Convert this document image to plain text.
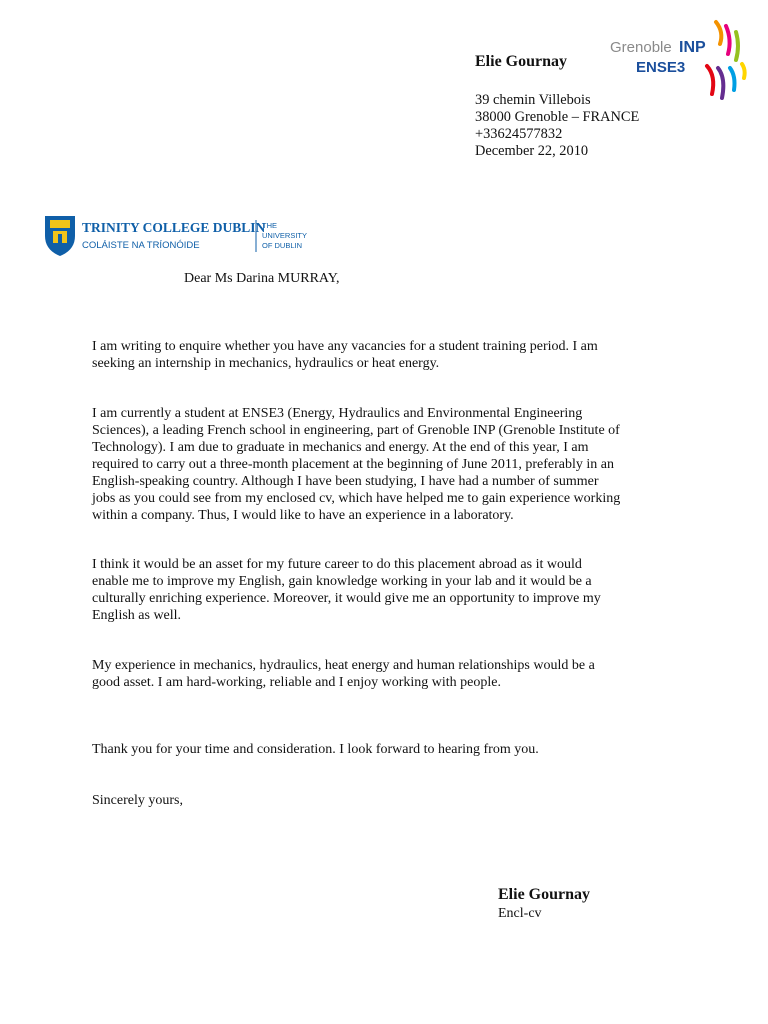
Elie Gournay
39 chemin Villebois
38000 Grenoble – FRANCE
+33624577832
December 22, 2010
Grenoble INP
ENSE3
TRINITY COLLEGE DUBLIN
COLÁISTE NA TRÍONÓIDE
THE
UNIVERSITY
OF DUBLIN
Dear Ms Darina MURRAY,
I am writing to enquire whether you have any vacancies for a student training period. I am
seeking an internship in mechanics, hydraulics or heat energy.
I am currently a student at ENSE3 (Energy, Hydraulics and Environmental Engineering
Sciences), a leading French school in engineering, part of Grenoble INP (Grenoble Institute of
Technology). I am due to graduate in mechanics and energy. At the end of this year, I am
required to carry out a three-month placement at the beginning of June 2011, preferably in an
English-speaking country. Although I have been studying, I have had a number of summer
jobs as you could see from my enclosed cv, which have helped me to gain experience working
within a company. Thus, I would like to have an experience in a laboratory.
I think it would be an asset for my future career to do this placement abroad as it would
enable me to improve my English, gain knowledge working in your lab and it would be a
culturally enriching experience. Moreover, it would give me an opportunity to improve my
English as well.
My experience in mechanics, hydraulics, heat energy and human relationships would be a
good asset. I am hard-working, reliable and I enjoy working with people.
Thank you for your time and consideration. I look forward to hearing from you.
Sincerely yours,
Elie Gournay
Encl-cv
